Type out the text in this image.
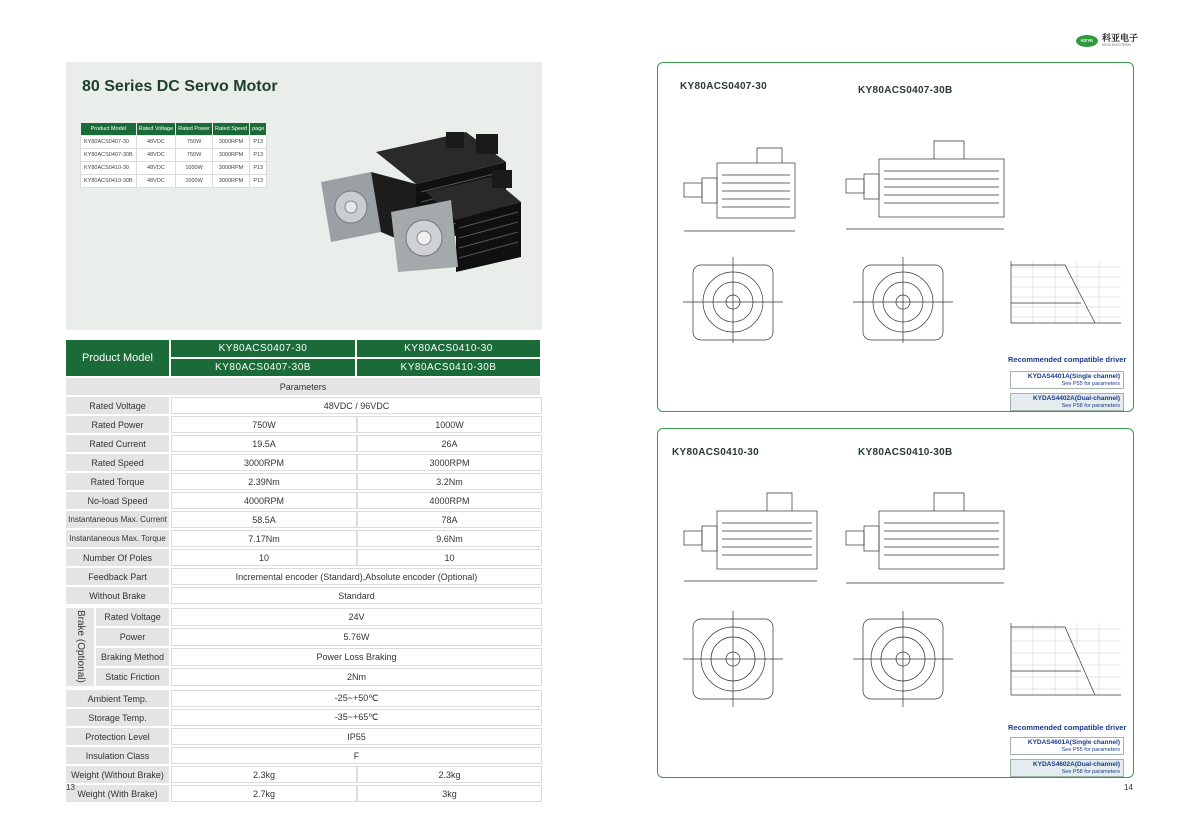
80 Series DC Servo Motor
Product Model	Rated Voltage	Rated Power	Rated Speed	page
KY80ACS0407-30	48VDC	750W	3000RPM	P13
KY80ACS0407-30B	48VDC	750W	3000RPM	P13
KY80ACS0410-30	48VDC	1000W	3000RPM	P13
KY80ACS0410-30B	48VDC	1000W	3000RPM	P13
Product Model	KY80ACS0407-30	KY80ACS0410-30
	KY80ACS0407-30B	KY80ACS0410-30B
Parameters		
Rated Voltage	48VDC / 96VDC	
Rated Power	750W	1000W
Rated Current	19.5A	26A
Rated Speed	3000RPM	3000RPM
Rated Torque	2.39Nm	3.2Nm
No-load Speed	4000RPM	4000RPM
Instantaneous Max. Current	58.5A	78A
Instantaneous Max. Torque	7.17Nm	9.6Nm
Number Of Poles	10	10
Feedback Part	Incremental encoder (Standard),Absolute encoder (Optional)	
Without Brake	Standard	
Brake (Optional)	Rated Voltage	24V
	Power	5.76W
	Braking Method	Power Loss Braking
	Static Friction	2Nm
Ambient Temp.	-25~+50℃	
Storage Temp.	-35~+65℃	
Protection Level	IP55	
Insulation Class	F	
Weight (Without Brake)	2.3kg	2.3kg
Weight (With Brake)	2.7kg	3kg
13
KEYA 科亚电子
KEYA ELECTRON
KY80ACS0407-30	KY80ACS0407-30B
Recommended compatible driver
KYDAS4401A(Single channel)
See P55 for parameters
KYDAS4402A(Dual-channel)
See P58 for parameters
KY80ACS0410-30	KY80ACS0410-30B
Recommended compatible driver
KYDAS4601A(Single channel)
See P55 for parameters
KYDAS4602A(Dual-channel)
See P58 for parameters
14
